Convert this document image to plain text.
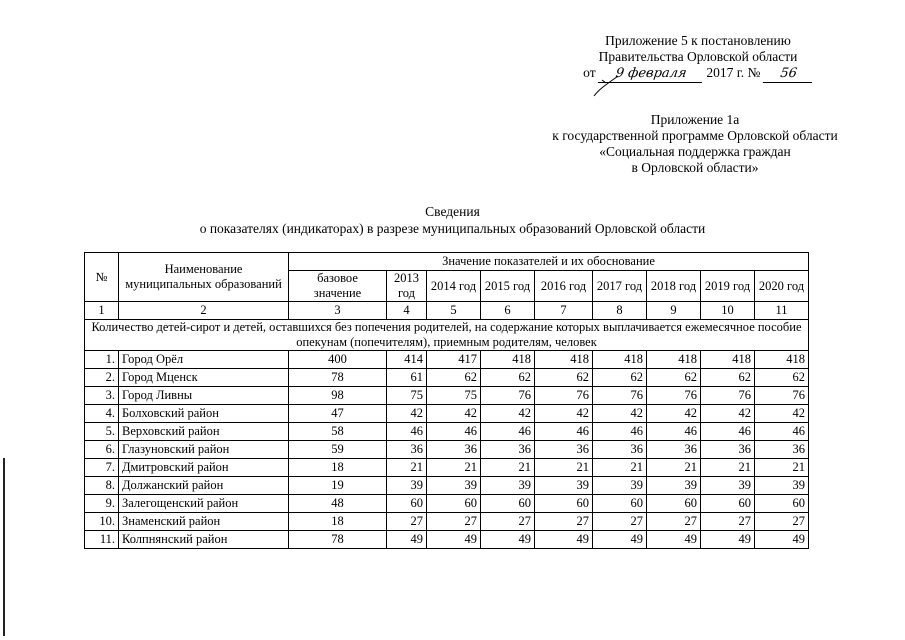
Приложение 5 к постановлению
Правительства Орловской области
от 9 февраля 2017 г. № 56
Приложение 1а
к государственной программе Орловской области
«Социальная поддержка граждан
в Орловской области»
Сведения
о показателях (индикаторах) в разрезе муниципальных образований Орловской области
№	Наименование муниципальных образований	Значение показателей и их обоснование								
		базовое значение	2013 год	2014 год	2015 год	2016 год	2017 год	2018 год	2019 год	2020 год
1	2	3	4	5	6	7	8	9	10	11
Количество детей-сирот и детей, оставшихся без попечения родителей, на содержание которых выплачивается ежемесячное пособие опекунам (попечителям), приемным родителям, человек										
1.	Город Орёл	400	414	417	418	418	418	418	418	418
2.	Город Мценск	78	61	62	62	62	62	62	62	62
3.	Город Ливны	98	75	75	76	76	76	76	76	76
4.	Болховский район	47	42	42	42	42	42	42	42	42
5.	Верховский район	58	46	46	46	46	46	46	46	46
6.	Глазуновский район	59	36	36	36	36	36	36	36	36
7.	Дмитровский район	18	21	21	21	21	21	21	21	21
8.	Должанский район	19	39	39	39	39	39	39	39	39
9.	Залегощенский район	48	60	60	60	60	60	60	60	60
10.	Знаменский район	18	27	27	27	27	27	27	27	27
11.	Колпнянский район	78	49	49	49	49	49	49	49	49
